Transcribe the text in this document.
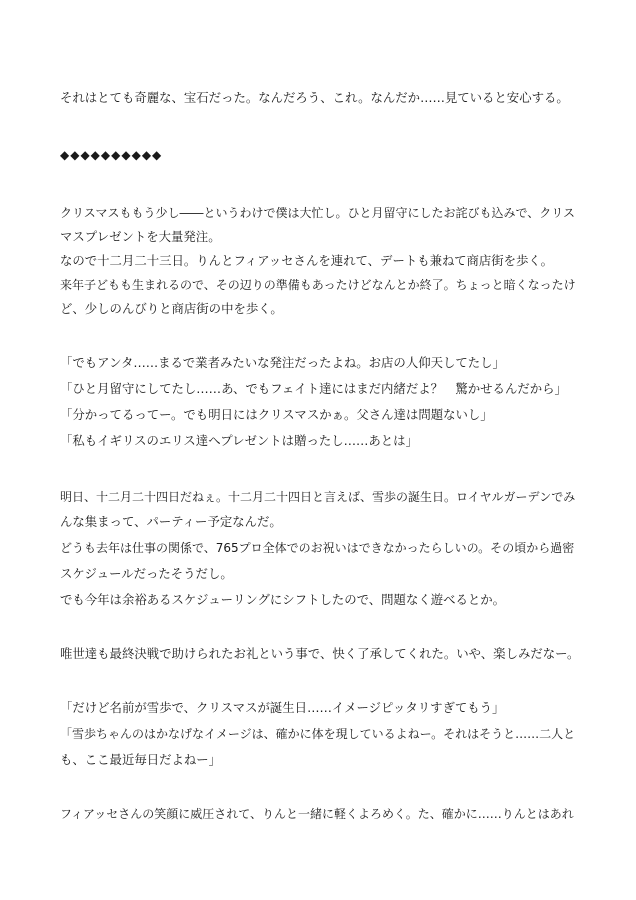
それはとても奇麗な、宝石だった。なんだろう、これ。なんだか……見ていると安心する。
◆◆◆◆◆◆◆◆◆◆
クリスマスももう少し――というわけで僕は大忙し。ひと月留守にしたお詫びも込みで、クリス
マスプレゼントを大量発注。
なので十二月二十三日。りんとフィアッセさんを連れて、デートも兼ねて商店街を歩く。
来年子どもも生まれるので、その辺りの準備もあったけどなんとか終了。ちょっと暗くなったけ
ど、少しのんびりと商店街の中を歩く。
「でもアンタ……まるで業者みたいな発注だったよね。お店の人仰天してたし」
「ひと月留守にしてたし……あ、でもフェイト達にはまだ内緒だよ？　驚かせるんだから」
「分かってるってー。でも明日にはクリスマスかぁ。父さん達は問題ないし」
「私もイギリスのエリス達へプレゼントは贈ったし……あとは」
明日、十二月二十四日だねぇ。十二月二十四日と言えば、雪歩の誕生日。ロイヤルガーデンでみ
んな集まって、パーティー予定なんだ。
どうも去年は仕事の関係で、765プロ全体でのお祝いはできなかったらしいの。その頃から過密
スケジュールだったそうだし。
でも今年は余裕あるスケジューリングにシフトしたので、問題なく遊べるとか。
唯世達も最終決戦で助けられたお礼という事で、快く了承してくれた。いや、楽しみだなー。
「だけど名前が雪歩で、クリスマスが誕生日……イメージピッタリすぎてもう」
「雪歩ちゃんのはかなげなイメージは、確かに体を現しているよねー。それはそうと……二人と
も、ここ最近毎日だよねー」
フィアッセさんの笑顔に威圧されて、りんと一緒に軽くよろめく。た、確かに……りんとはあれ
